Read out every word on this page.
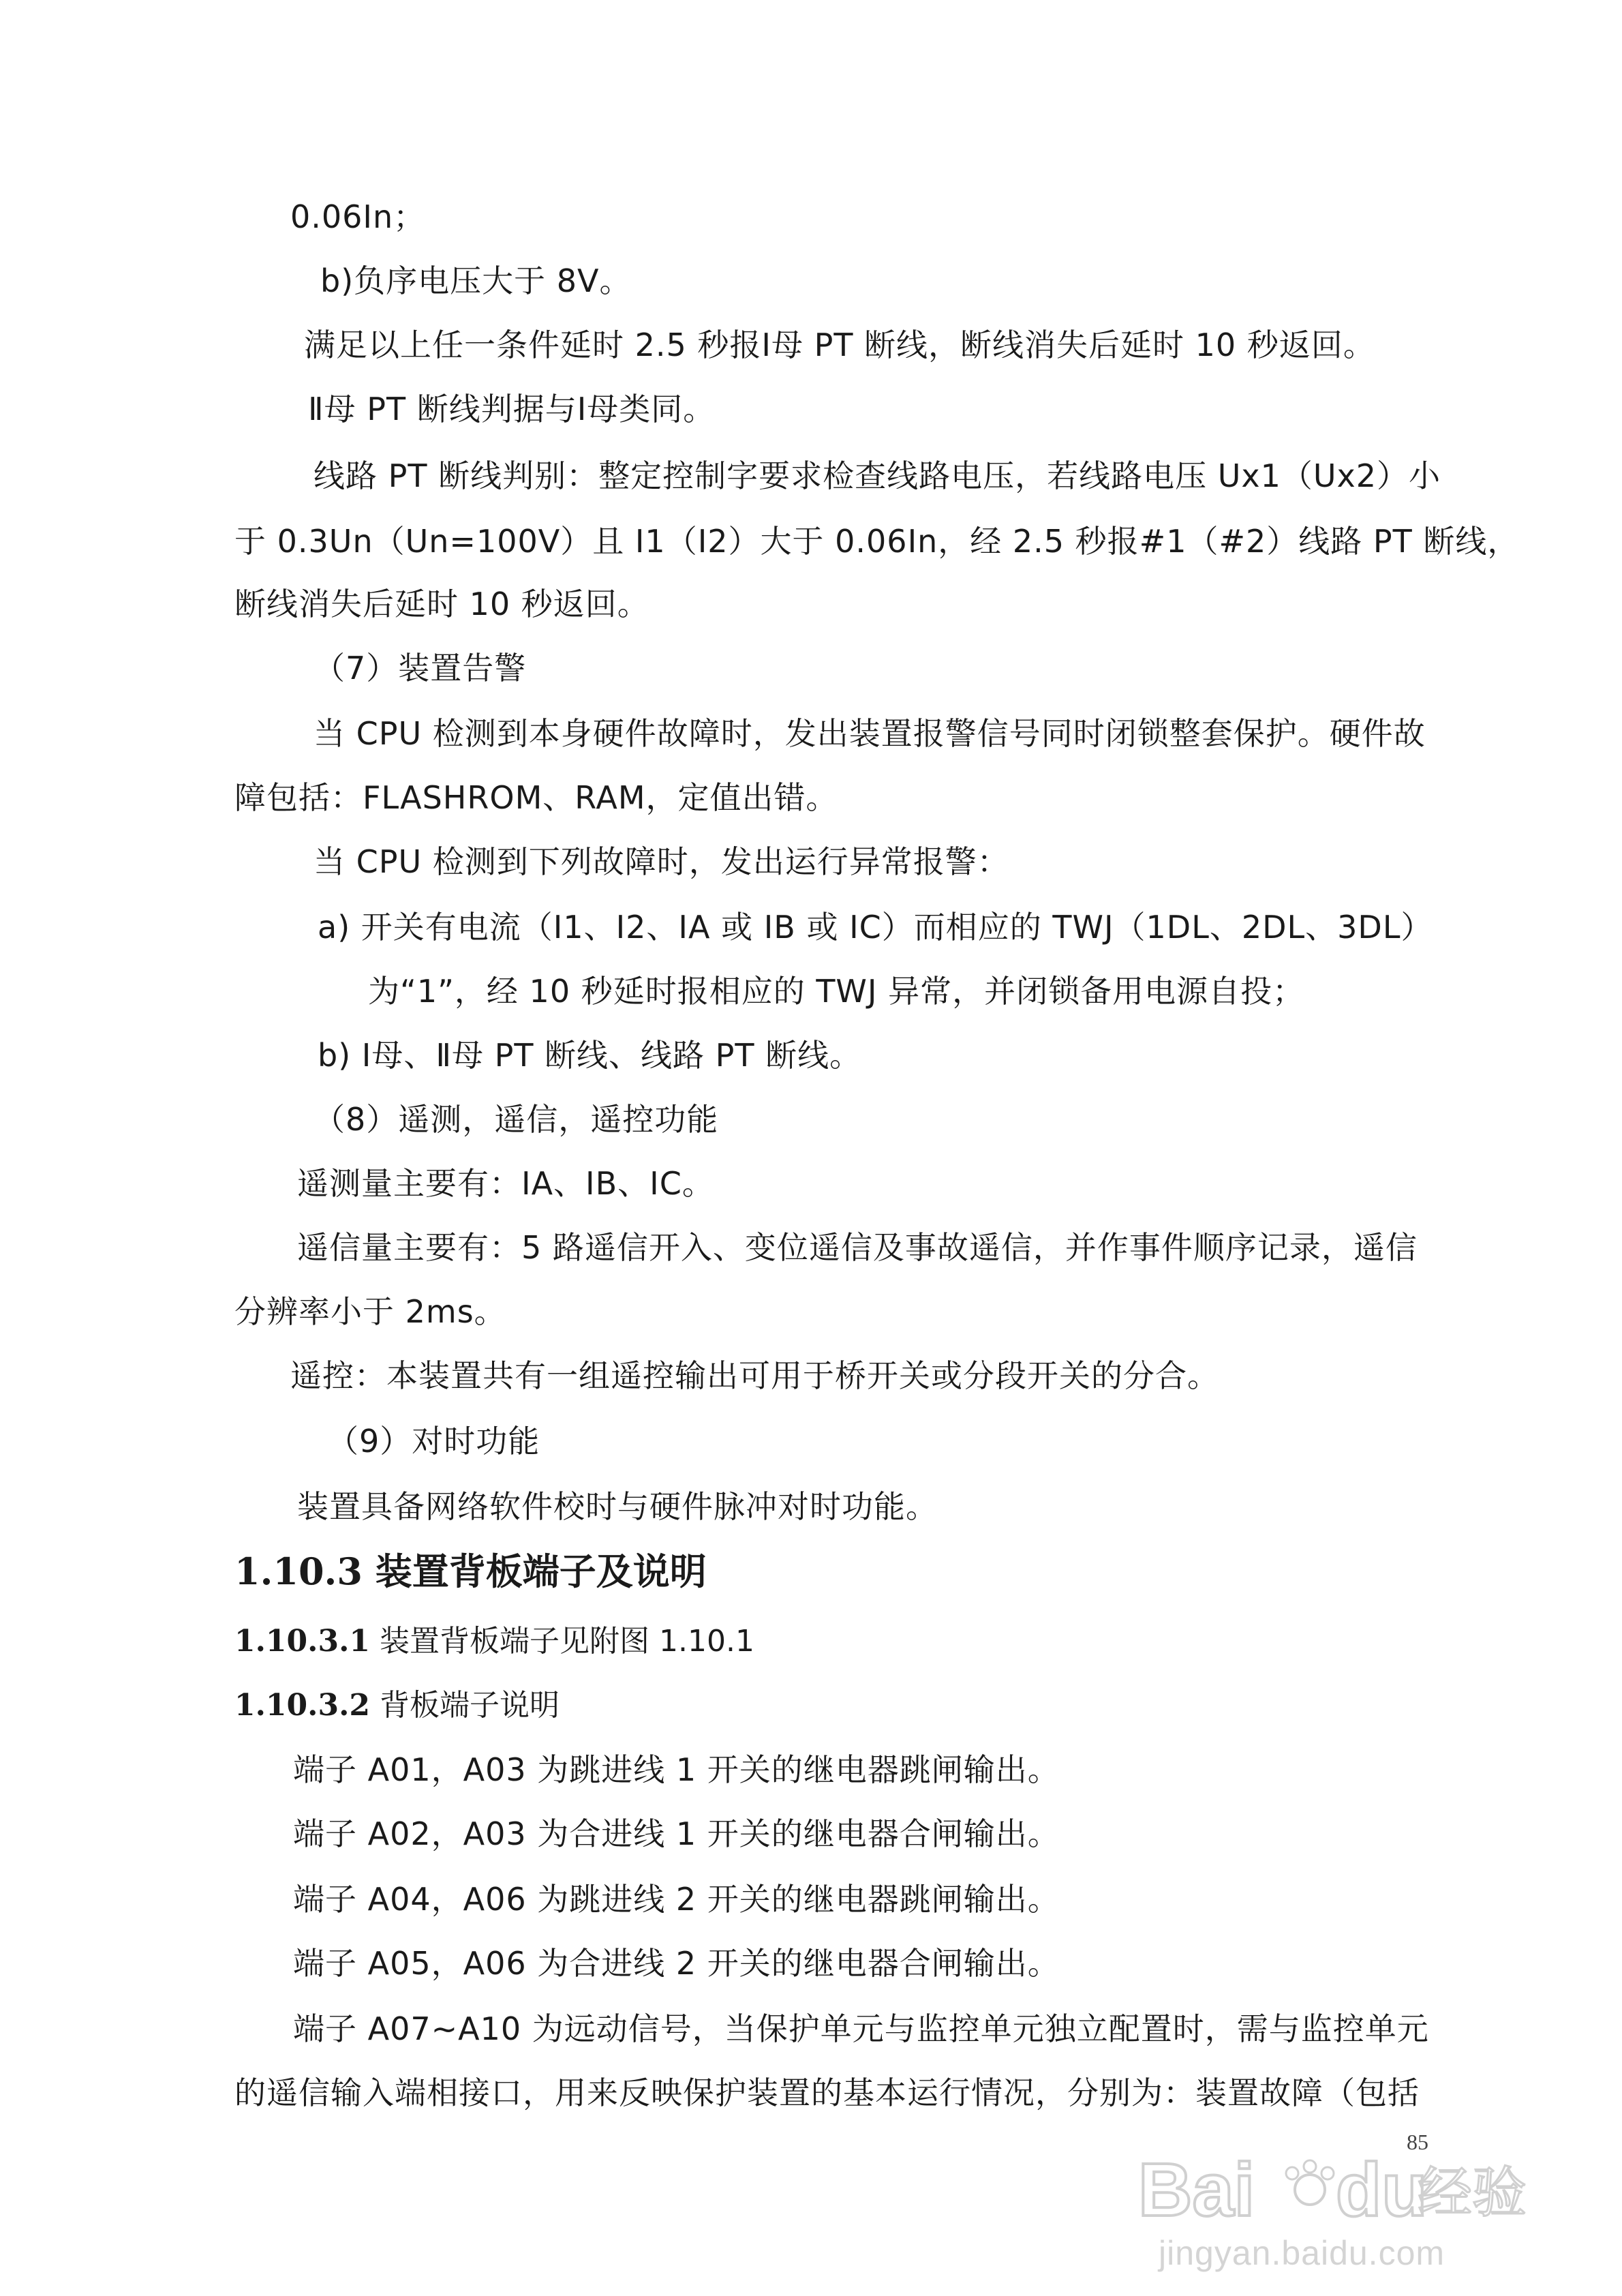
0.06In；
b)负序电压大于 8V。
满足以上任一条件延时 2.5 秒报Ⅰ母 PT 断线，断线消失后延时 10 秒返回。
Ⅱ母 PT 断线判据与Ⅰ母类同。
线路 PT 断线判别：整定控制字要求检查线路电压，若线路电压 Ux1（Ux2）小
于 0.3Un（Un=100V）且 I1（I2）大于 0.06In，经 2.5 秒报#1（#2）线路 PT 断线，
断线消失后延时 10 秒返回。
（7）装置告警
当 CPU 检测到本身硬件故障时，发出装置报警信号同时闭锁整套保护。硬件故
障包括：FLASHROM、RAM，定值出错。
当 CPU 检测到下列故障时，发出运行异常报警：
a) 开关有电流（I1、I2、IA 或 IB 或 IC）而相应的 TWJ（1DL、2DL、3DL）
为“1”，经 10 秒延时报相应的 TWJ 异常，并闭锁备用电源自投；
b) Ⅰ母、Ⅱ母 PT 断线、线路 PT 断线。
（8）遥测，遥信，遥控功能
遥测量主要有：IA、IB、IC。
遥信量主要有：5 路遥信开入、变位遥信及事故遥信，并作事件顺序记录，遥信
分辨率小于 2ms。
遥控：本装置共有一组遥控输出可用于桥开关或分段开关的分合。
（9）对时功能
装置具备网络软件校时与硬件脉冲对时功能。
1.10.3 装置背板端子及说明
1.10.3.1 装置背板端子见附图 1.10.1
1.10.3.2 背板端子说明
端子 A01，A03 为跳进线 1 开关的继电器跳闸输出。
端子 A02，A03 为合进线 1 开关的继电器合闸输出。
端子 A04，A06 为跳进线 2 开关的继电器跳闸输出。
端子 A05，A06 为合进线 2 开关的继电器合闸输出。
端子 A07~A10 为远动信号，当保护单元与监控单元独立配置时，需与监控单元
的遥信输入端相接口，用来反映保护装置的基本运行情况，分别为：装置故障（包括
85
Bai du
经验
jingyan.baidu.com
